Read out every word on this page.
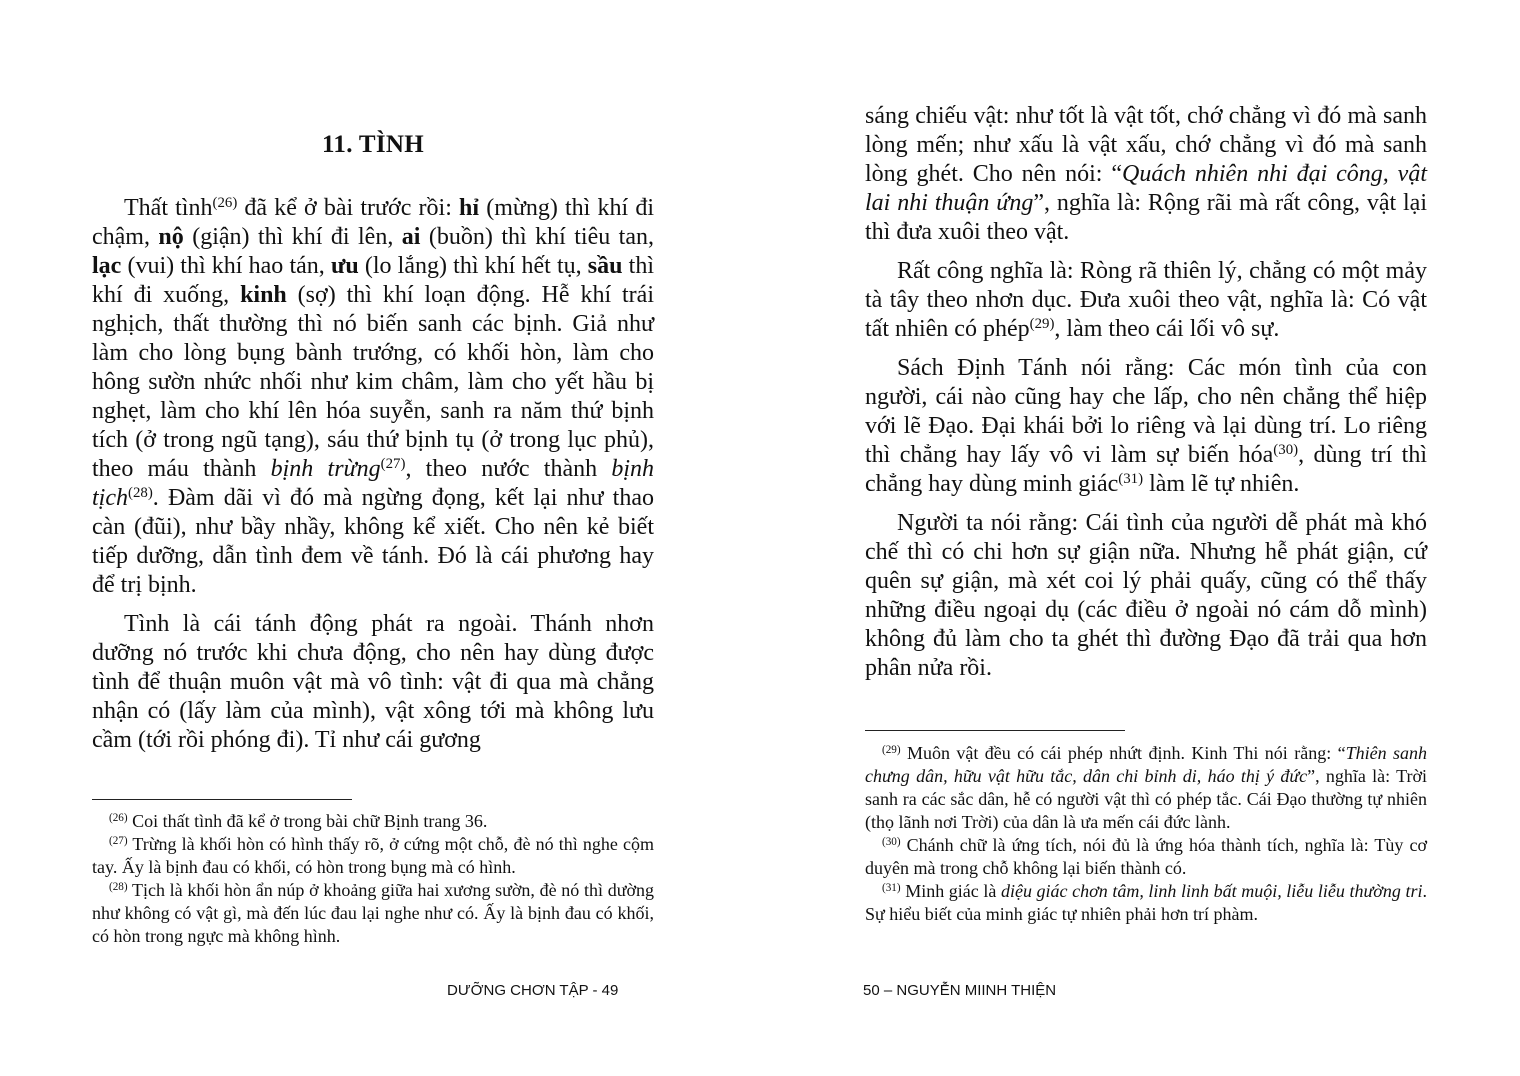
11. TÌNH

Thất tình$^{(26)}$ đã kể ở bài trước rồi: hỉ (mừng) thì khí đi chậm, nộ (giận) thì khí đi lên, ai (buồn) thì khí tiêu tan, lạc (vui) thì khí hao tán, ưu (lo lắng) thì khí hết tụ, sầu thì khí đi xuống, kinh (sợ) thì khí loạn động. Hễ khí trái nghịch, thất thường thì nó biến sanh các bịnh. Giả như làm cho lòng bụng bành trướng, có khối hòn, làm cho hông sườn nhức nhối như kim châm, làm cho yết hầu bị nghẹt, làm cho khí lên hóa suyễn, sanh ra năm thứ bịnh tích (ở trong ngũ tạng), sáu thứ bịnh tụ (ở trong lục phủ), theo máu thành bịnh trừng$^{(27)}$, theo nước thành bịnh tịch$^{(28)}$. Đàm dãi vì đó mà ngừng đọng, kết lại như thao càn (đũi), như bầy nhầy, không kể xiết. Cho nên kẻ biết tiếp dưỡng, dẫn tình đem về tánh. Đó là cái phương hay để trị bịnh.

Tình là cái tánh động phát ra ngoài. Thánh nhơn dưỡng nó trước khi chưa động, cho nên hay dùng được tình để thuận muôn vật mà vô tình: vật đi qua mà chẳng nhận có (lấy làm của mình), vật xông tới mà không lưu cầm (tới rồi phóng đi). Tỉ như cái gương

$^{(26)}$ Coi thất tình đã kể ở trong bài chữ Bịnh trang 36.
$^{(27)}$ Trừng là khối hòn có hình thấy rõ, ở cứng một chỗ, đè nó thì nghe cộm tay. Ấy là bịnh đau có khối, có hòn trong bụng mà có hình.
$^{(28)}$ Tịch là khối hòn ẩn núp ở khoảng giữa hai xương sườn, đè nó thì dường như không có vật gì, mà đến lúc đau lại nghe như có. Ấy là bịnh đau có khối, có hòn trong ngực mà không hình.
DƯỠNG CHƠN TẬP - 49

sáng chiếu vật: như tốt là vật tốt, chớ chẳng vì đó mà sanh lòng mến; như xấu là vật xấu, chớ chẳng vì đó mà sanh lòng ghét. Cho nên nói: “Quách nhiên nhi đại công, vật lai nhi thuận ứng”, nghĩa là: Rộng rãi mà rất công, vật lại thì đưa xuôi theo vật.

Rất công nghĩa là: Ròng rã thiên lý, chẳng có một mảy tà tây theo nhơn dục. Đưa xuôi theo vật, nghĩa là: Có vật tất nhiên có phép$^{(29)}$, làm theo cái lối vô sự.

Sách Định Tánh nói rằng: Các món tình của con người, cái nào cũng hay che lấp, cho nên chẳng thể hiệp với lẽ Đạo. Đại khái bởi lo riêng và lại dùng trí. Lo riêng thì chẳng hay lấy vô vi làm sự biến hóa$^{(30)}$, dùng trí thì chẳng hay dùng minh giác$^{(31)}$ làm lẽ tự nhiên.

Người ta nói rằng: Cái tình của người dễ phát mà khó chế thì có chi hơn sự giận nữa. Nhưng hễ phát giận, cứ quên sự giận, mà xét coi lý phải quấy, cũng có thể thấy những điều ngoại dụ (các điều ở ngoài nó cám dỗ mình) không đủ làm cho ta ghét thì đường Đạo đã trải qua hơn phân nửa rồi.

$^{(29)}$ Muôn vật đều có cái phép nhứt định. Kinh Thi nói rằng: “Thiên sanh chưng dân, hữu vật hữu tắc, dân chi bỉnh di, háo thị ý đức”, nghĩa là: Trời sanh ra các sắc dân, hễ có người vật thì có phép tắc. Cái Đạo thường tự nhiên (thọ lãnh nơi Trời) của dân là ưa mến cái đức lành.
$^{(30)}$ Chánh chữ là ứng tích, nói đủ là ứng hóa thành tích, nghĩa là: Tùy cơ duyên mà trong chỗ không lại biến thành có.
$^{(31)}$ Minh giác là diệu giác chơn tâm, linh linh bất muội, liễu liễu thường tri. Sự hiểu biết của minh giác tự nhiên phải hơn trí phàm.
50 – NGUYỄN MIINH THIỆN
